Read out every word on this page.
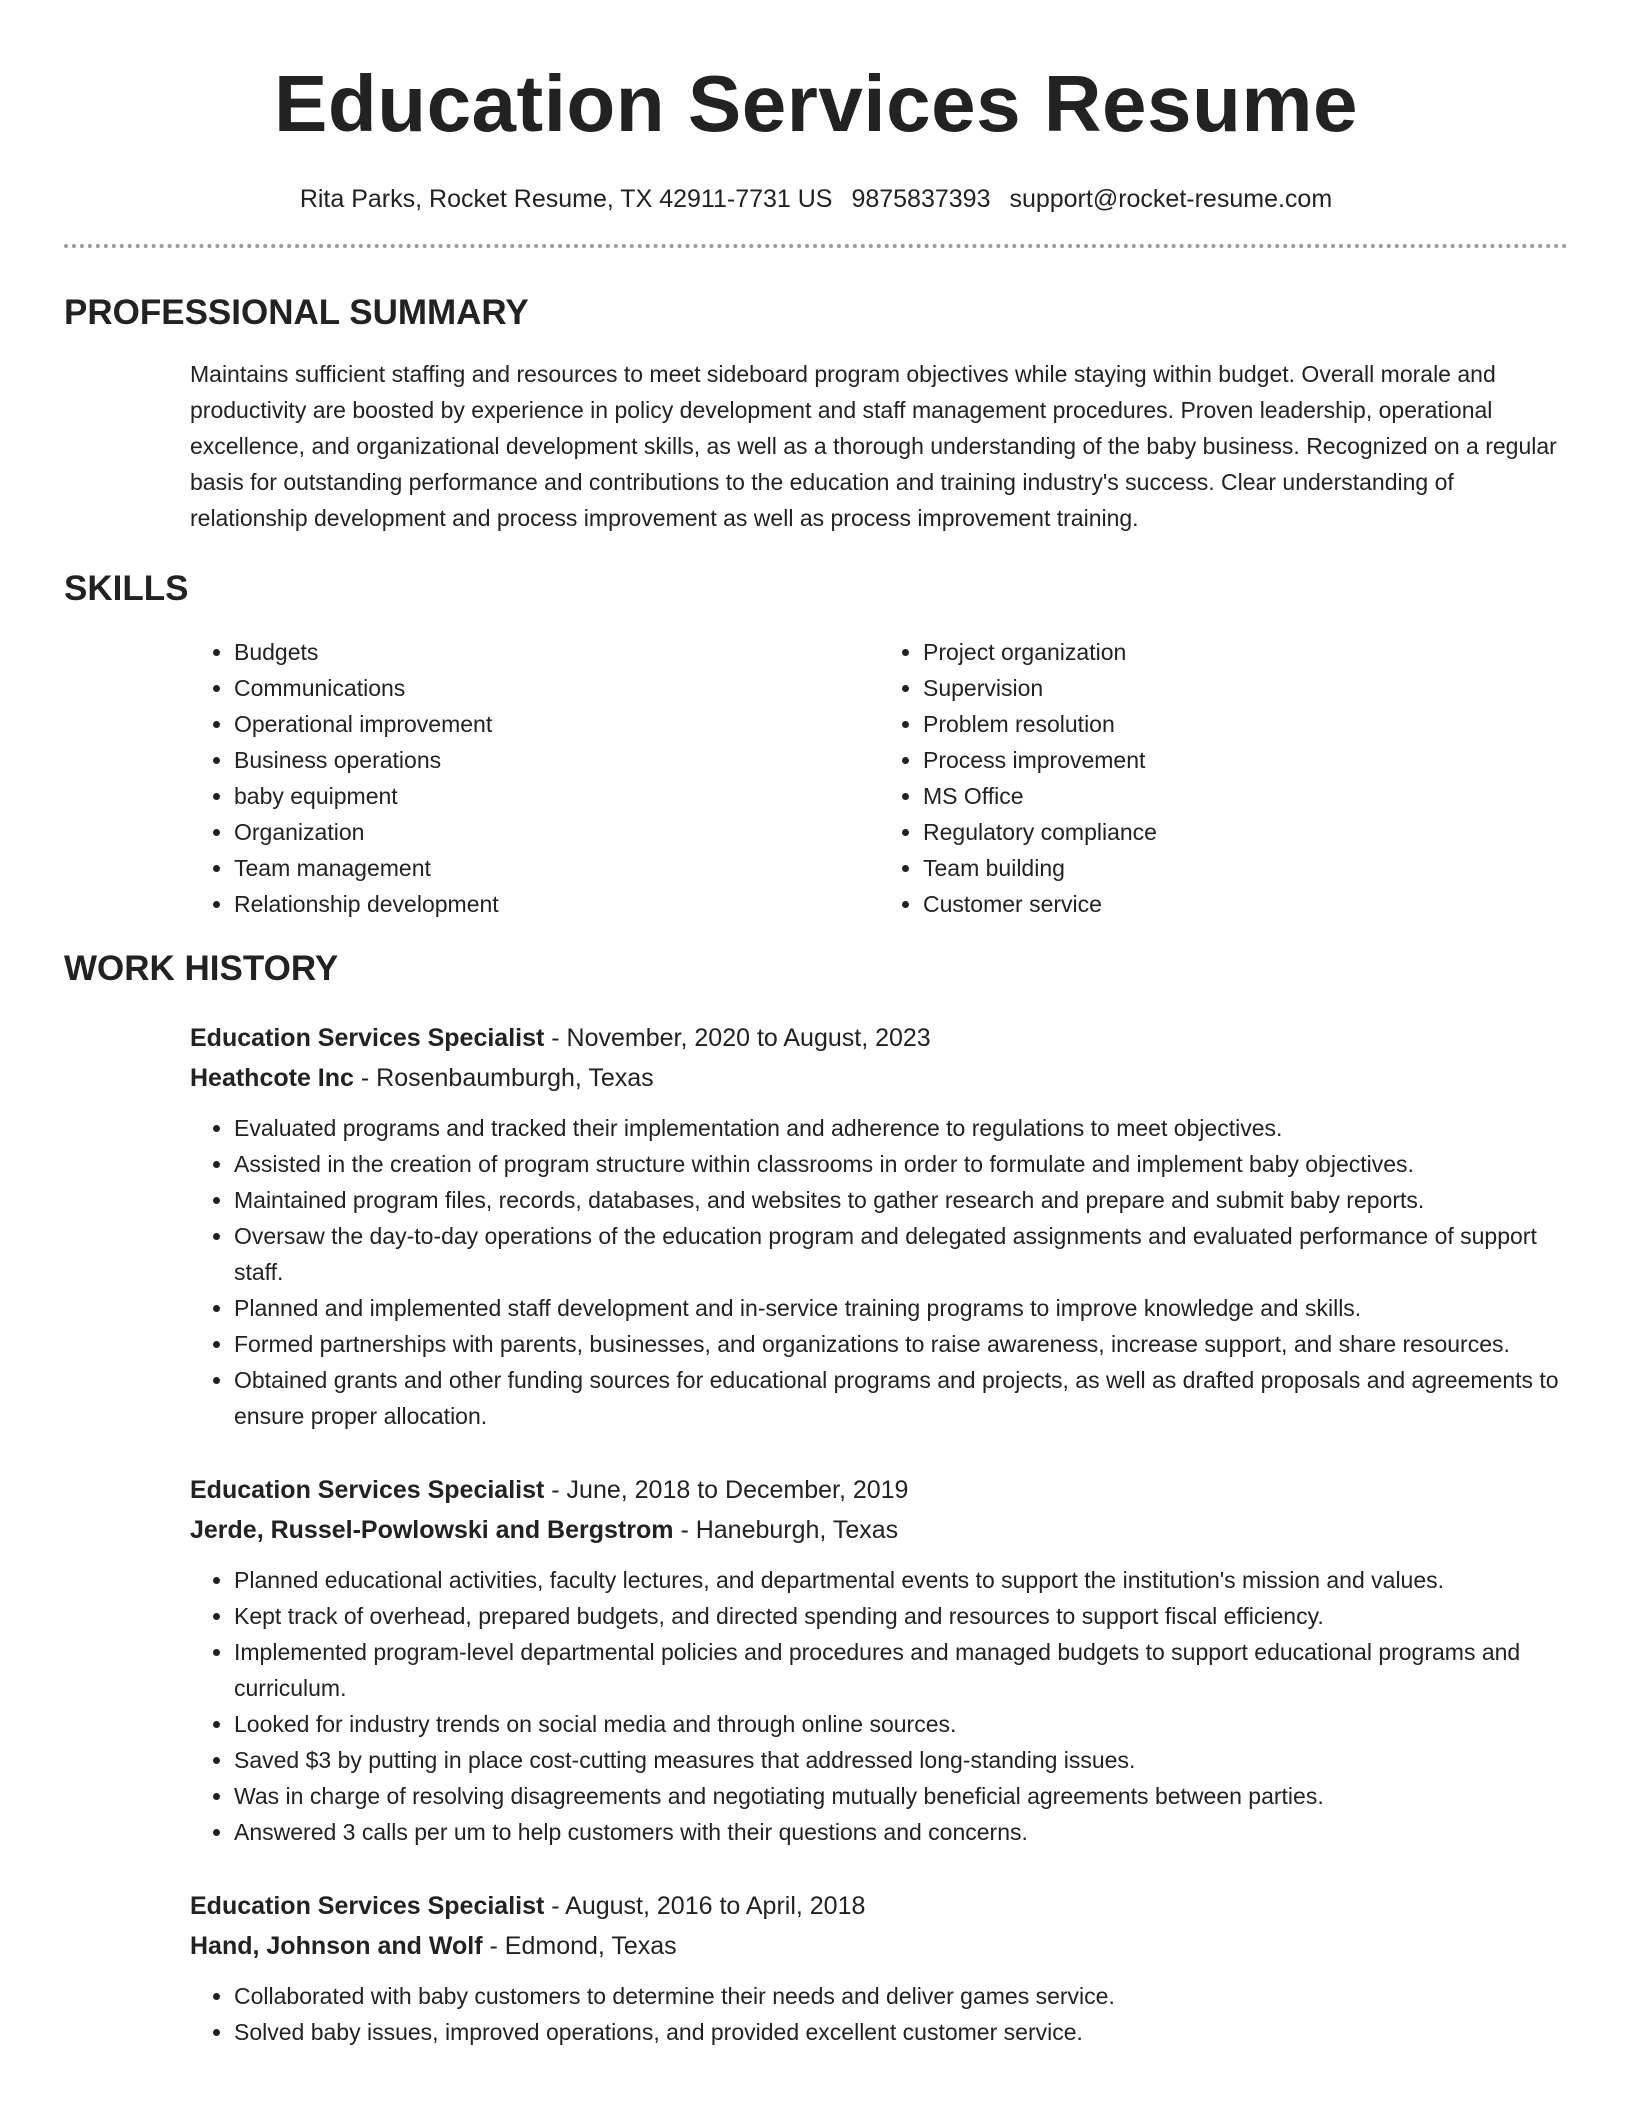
Education Services Resume
Rita Parks, Rocket Resume, TX 42911-7731 US 9875837393 support@rocket-resume.com
PROFESSIONAL SUMMARY
Maintains sufficient staffing and resources to meet sideboard program objectives while staying within budget. Overall morale and productivity are boosted by experience in policy development and staff management procedures. Proven leadership, operational excellence, and organizational development skills, as well as a thorough understanding of the baby business. Recognized on a regular basis for outstanding performance and contributions to the education and training industry's success. Clear understanding of relationship development and process improvement as well as process improvement training.
SKILLS
• Budgets
• Communications
• Operational improvement
• Business operations
• baby equipment
• Organization
• Team management
• Relationship development
• Project organization
• Supervision
• Problem resolution
• Process improvement
• MS Office
• Regulatory compliance
• Team building
• Customer service
WORK HISTORY
Education Services Specialist - November, 2020 to August, 2023
Heathcote Inc - Rosenbaumburgh, Texas
• Evaluated programs and tracked their implementation and adherence to regulations to meet objectives.
• Assisted in the creation of program structure within classrooms in order to formulate and implement baby objectives.
• Maintained program files, records, databases, and websites to gather research and prepare and submit baby reports.
• Oversaw the day-to-day operations of the education program and delegated assignments and evaluated performance of support staff.
• Planned and implemented staff development and in-service training programs to improve knowledge and skills.
• Formed partnerships with parents, businesses, and organizations to raise awareness, increase support, and share resources.
• Obtained grants and other funding sources for educational programs and projects, as well as drafted proposals and agreements to ensure proper allocation.
Education Services Specialist - June, 2018 to December, 2019
Jerde, Russel-Powlowski and Bergstrom - Haneburgh, Texas
• Planned educational activities, faculty lectures, and departmental events to support the institution's mission and values.
• Kept track of overhead, prepared budgets, and directed spending and resources to support fiscal efficiency.
• Implemented program-level departmental policies and procedures and managed budgets to support educational programs and curriculum.
• Looked for industry trends on social media and through online sources.
• Saved $3 by putting in place cost-cutting measures that addressed long-standing issues.
• Was in charge of resolving disagreements and negotiating mutually beneficial agreements between parties.
• Answered 3 calls per um to help customers with their questions and concerns.
Education Services Specialist - August, 2016 to April, 2018
Hand, Johnson and Wolf - Edmond, Texas
• Collaborated with baby customers to determine their needs and deliver games service.
• Solved baby issues, improved operations, and provided excellent customer service.
